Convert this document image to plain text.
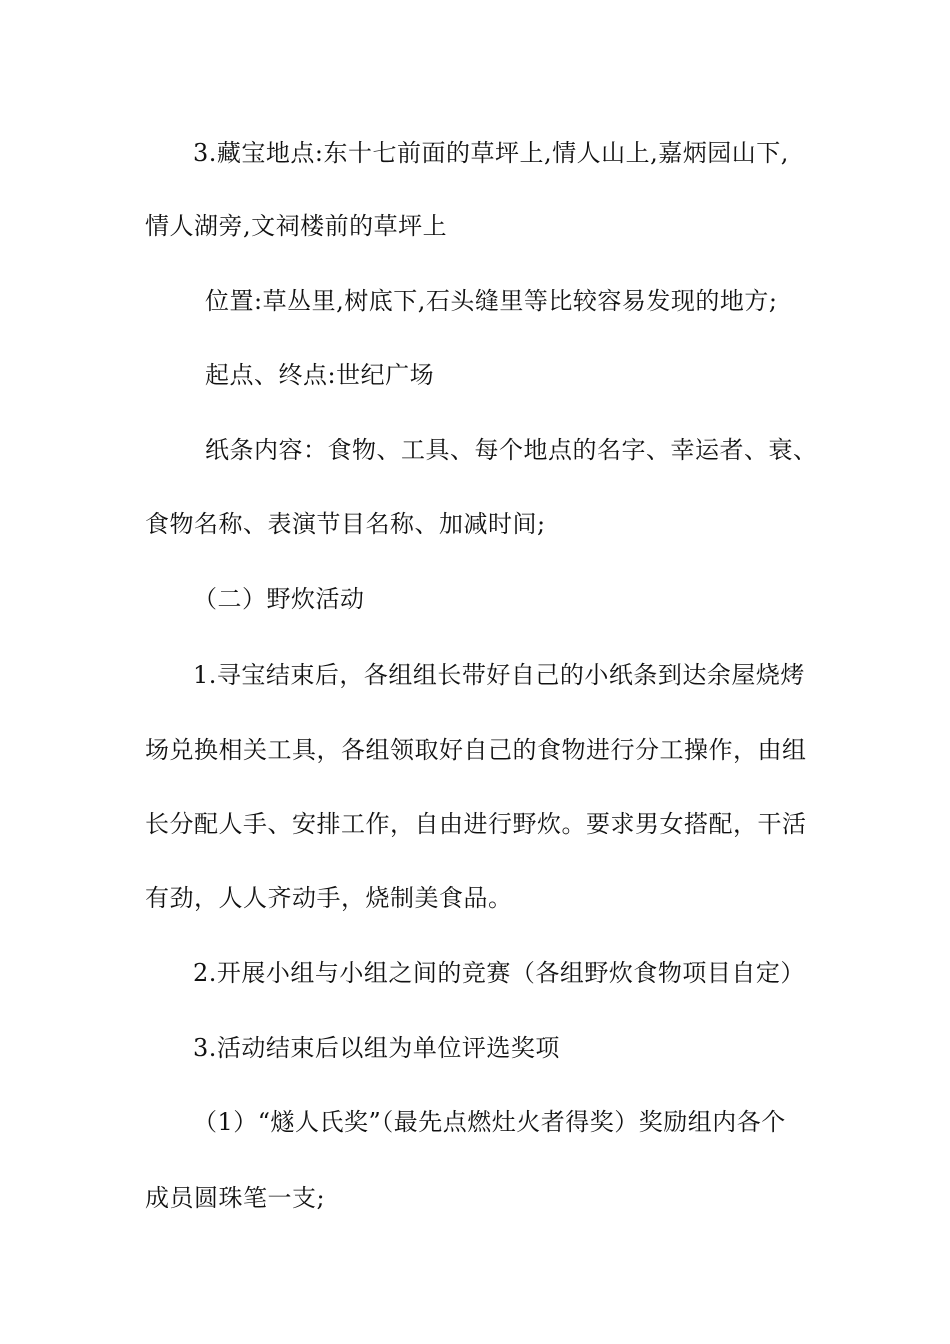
3.藏宝地点:东十七前面的草坪上,情人山上,嘉炳园山下,
情人湖旁,文祠楼前的草坪上
位置:草丛里,树底下,石头缝里等比较容易发现的地方;
起点、终点:世纪广场
纸条内容：食物、工具、每个地点的名字、幸运者、衰、
食物名称、表演节目名称、加减时间;
（二）野炊活动
1.寻宝结束后，各组组长带好自己的小纸条到达余屋烧烤
场兑换相关工具，各组领取好自己的食物进行分工操作，由组
长分配人手、安排工作，自由进行野炊。要求男女搭配，干活
有劲，人人齐动手，烧制美食品。
2.开展小组与小组之间的竞赛（各组野炊食物项目自定）
3.活动结束后以组为单位评选奖项
（1）“燧人氏奖”（最先点燃灶火者得奖）奖励组内各个
成员圆珠笔一支;
